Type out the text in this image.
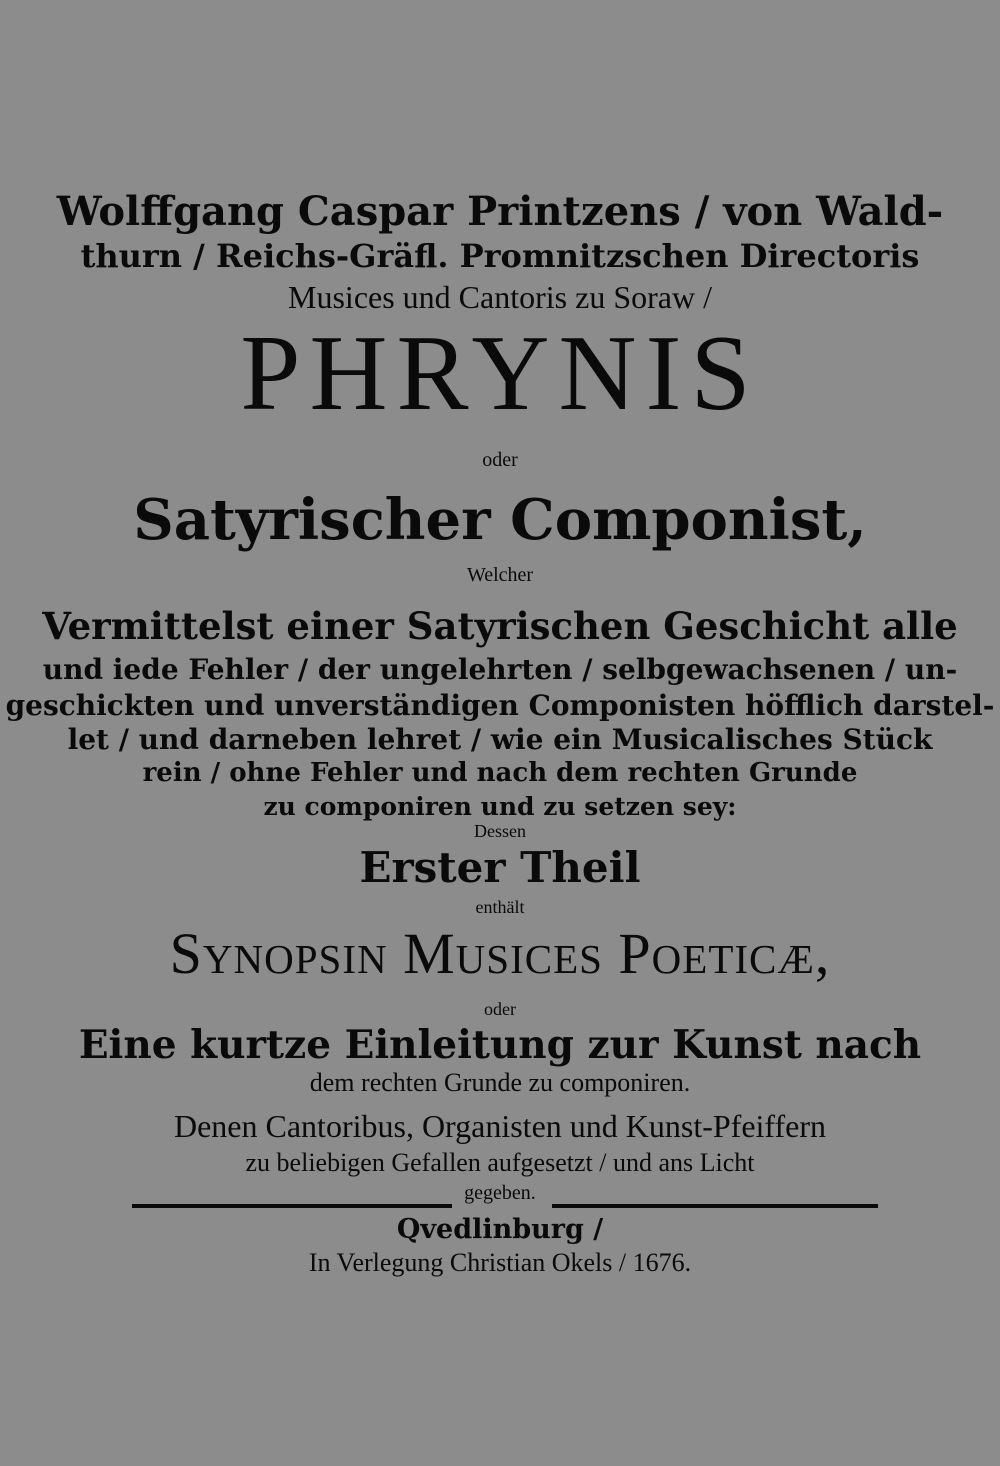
Wolffgang Caspar Printzens / von Wald-
thurn / Reichs-Gräfl. Promnitzschen Directoris
Musices und Cantoris zu Soraw /
PHRYNIS
oder
Satyrischer Componist,
Welcher
Vermittelst einer Satyrischen Geschicht alle
und iede Fehler / der ungelehrten / selbgewachsenen / un-
geschickten und unverständigen Componisten höfflich darstel-
let / und darneben lehret / wie ein Musicalisches Stück
rein / ohne Fehler und nach dem rechten Grunde
zu componiren und zu setzen sey:
Dessen
Erster Theil
enthält
Synopsin Musices Poeticæ,
oder
Eine kurtze Einleitung zur Kunst nach
dem rechten Grunde zu componiren.
Denen Cantoribus, Organisten und Kunst-Pfeiffern
zu beliebigen Gefallen aufgesetzt / und ans Licht
gegeben.
Qvedlinburg /
In Verlegung Christian Okels / 1676.
